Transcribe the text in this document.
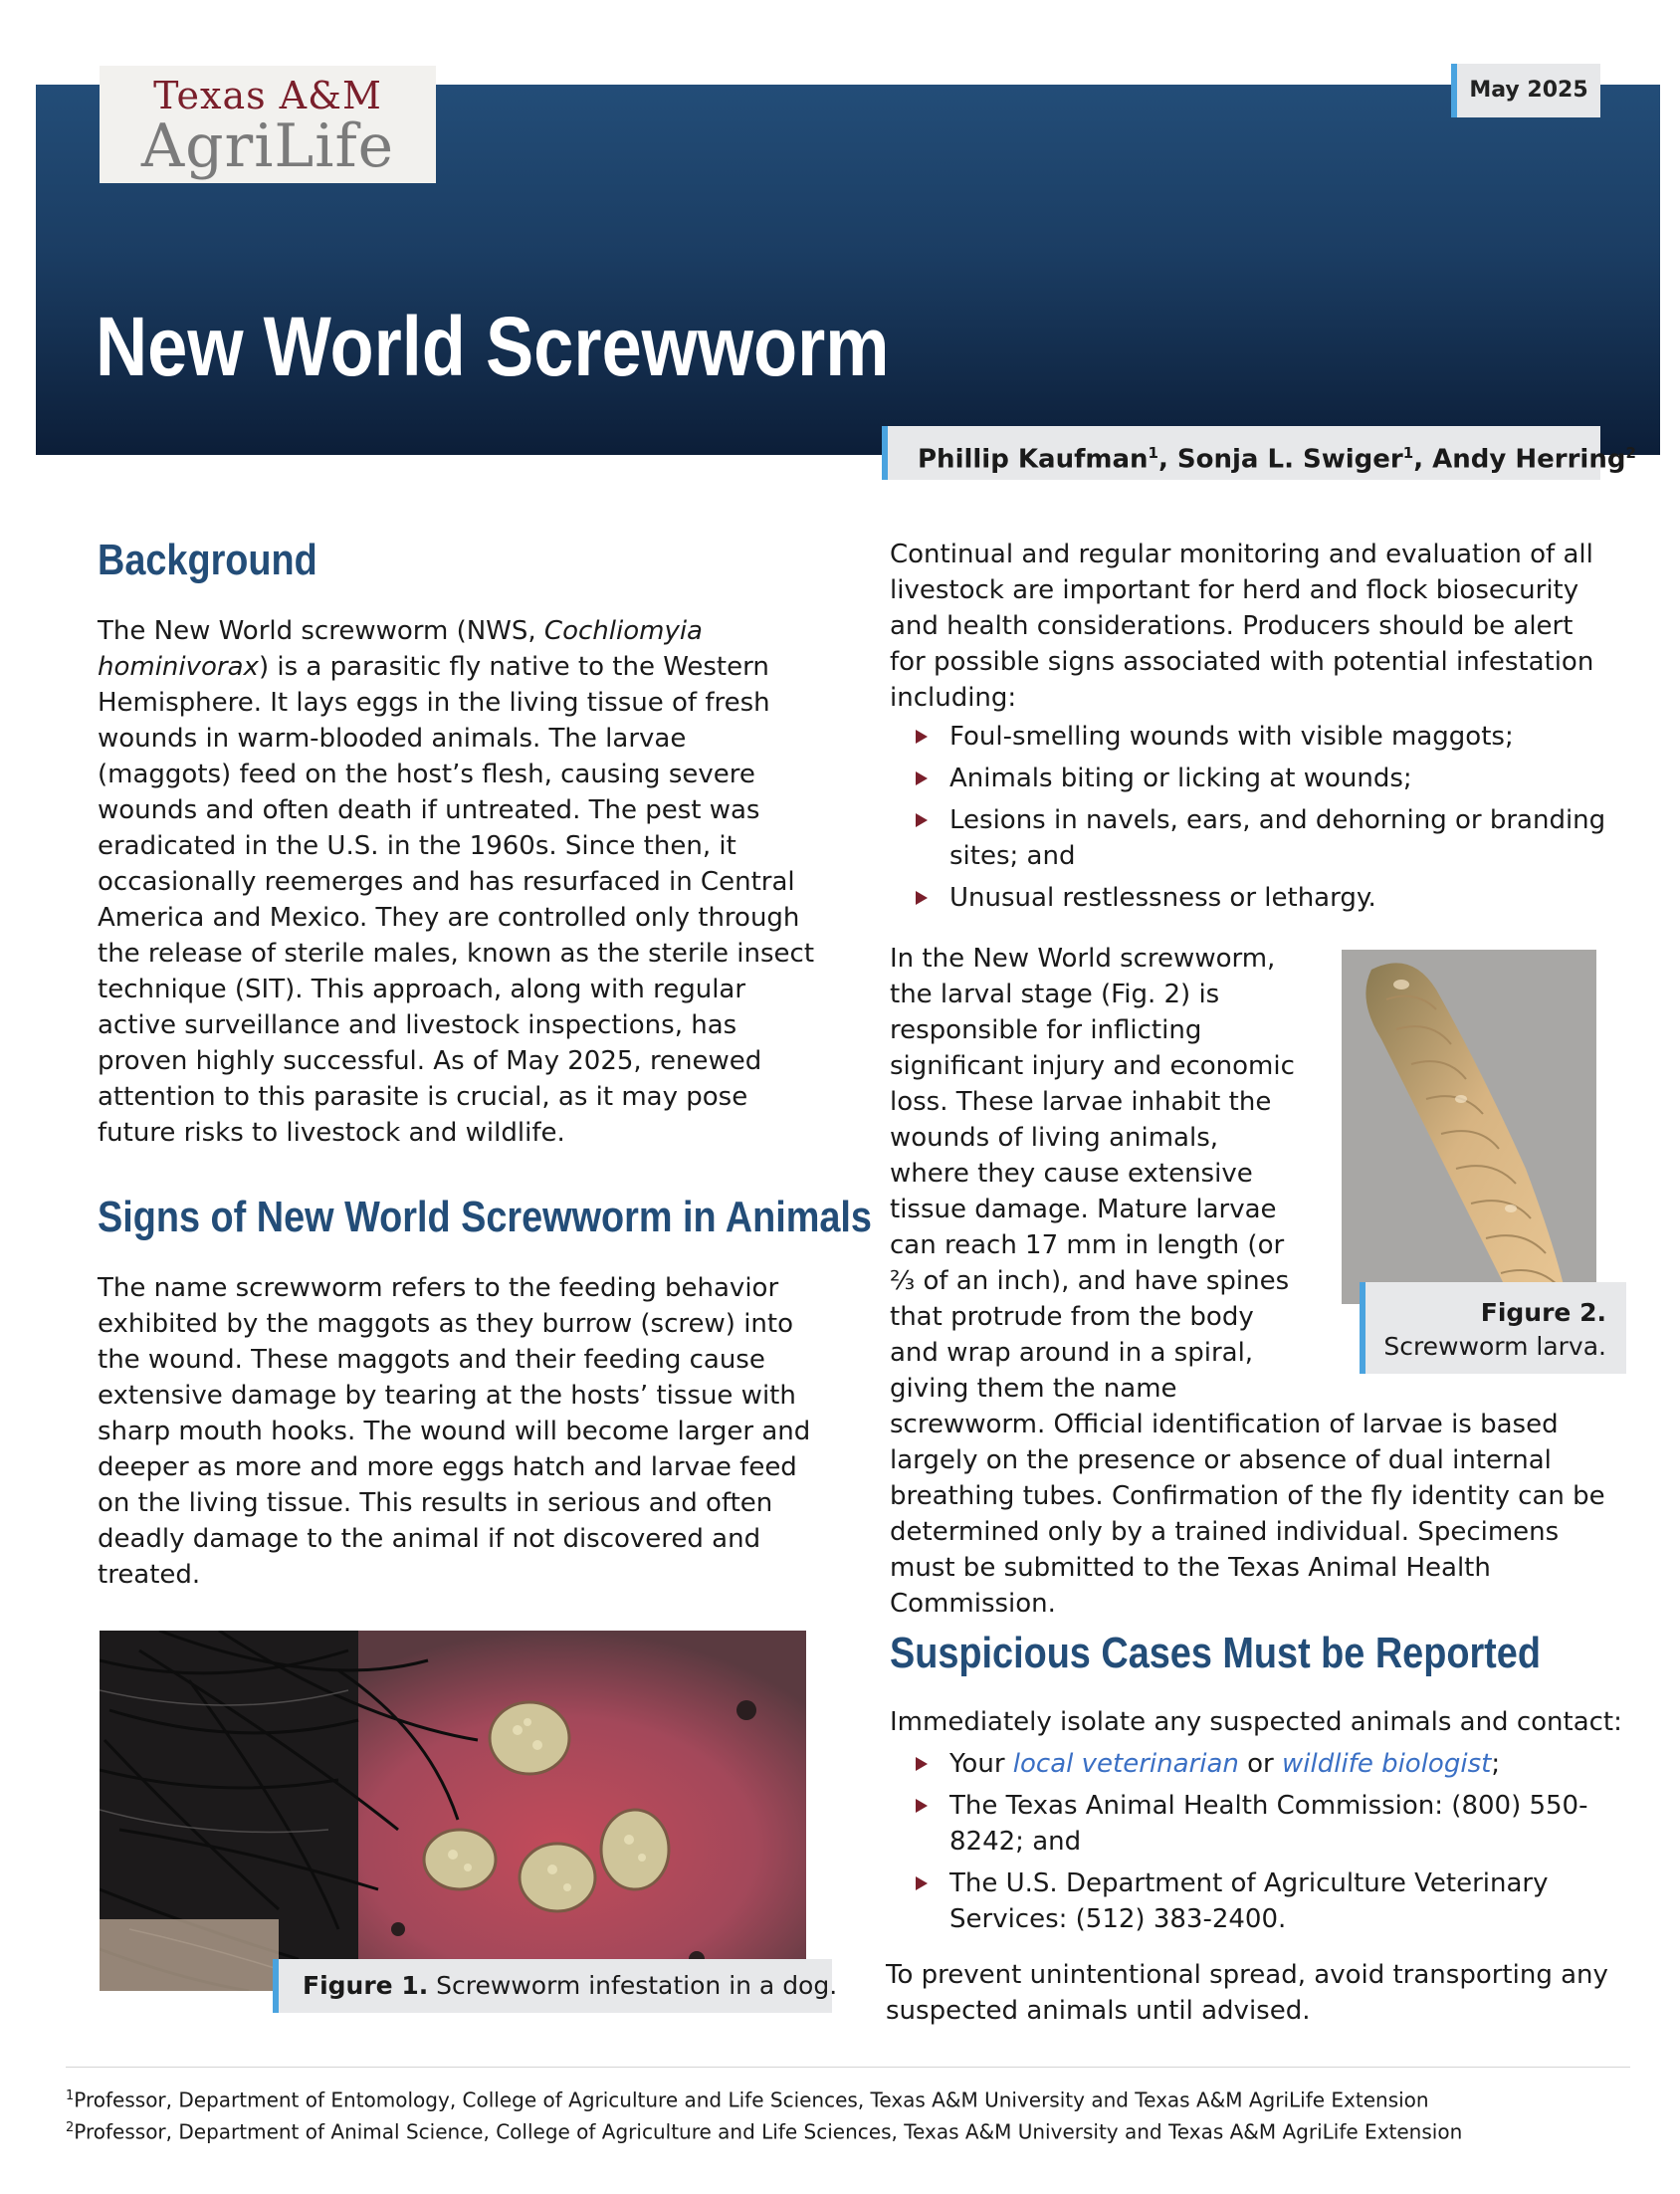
Texas A&M
AgriLife
May 2025
New World Screwworm
Phillip Kaufman$^1$, Sonja L. Swiger$^1$, Andy Herring$^2$
Background

The New World screwworm (NWS, Cochliomyia hominivorax) is a parasitic fly native to the Western Hemisphere. It lays eggs in the living tissue of fresh wounds in warm-blooded animals. The larvae (maggots) feed on the host’s flesh, causing severe wounds and often death if untreated. The pest was eradicated in the U.S. in the 1960s. Since then, it occasionally reemerges and has resurfaced in Central America and Mexico. They are controlled only through the release of sterile males, known as the sterile insect technique (SIT). This approach, along with regular active surveillance and livestock inspections, has proven highly successful. As of May 2025, renewed attention to this parasite is crucial, as it may pose future risks to livestock and wildlife.

Signs of New World Screwworm in Animals

The name screwworm refers to the feeding behavior exhibited by the maggots as they burrow (screw) into the wound. These maggots and their feeding cause extensive damage by tearing at the hosts’ tissue with sharp mouth hooks. The wound will become larger and deeper as more and more eggs hatch and larvae feed on the living tissue. This results in serious and often deadly damage to the animal if not discovered and treated.

Figure 1. Screwworm infestation in a dog.

Continual and regular monitoring and evaluation of all livestock are important for herd and flock biosecurity and health considerations. Producers should be alert for possible signs associated with potential infestation including:

Foul-smelling wounds with visible maggots;
Animals biting or licking at wounds;
Lesions in navels, ears, and dehorning or branding sites; and
Unusual restlessness or lethargy.

In the New World screwworm, the larval stage (Fig. 2) is responsible for inflicting significant injury and economic loss. These larvae inhabit the wounds of living animals, where they cause extensive tissue damage. Mature larvae can reach 17 mm in length (or ⅔ of an inch), and have spines that protrude from the body and wrap around in a spiral, giving them the name

screwworm. Official identification of larvae is based largely on the presence or absence of dual internal breathing tubes. Confirmation of the fly identity can be determined only by a trained individual. Specimens must be submitted to the Texas Animal Health Commission.

Figure 2.
Screwworm larva.
Suspicious Cases Must be Reported

Immediately isolate any suspected animals and contact:

Your local veterinarian or wildlife biologist;
The Texas Animal Health Commission: (800) 550-8242; and
The U.S. Department of Agriculture Veterinary Services: (512) 383-2400.

To prevent unintentional spread, avoid transporting any suspected animals until advised.

$^1$Professor, Department of Entomology, College of Agriculture and Life Sciences, Texas A&M University and Texas A&M AgriLife Extension
$^2$Professor, Department of Animal Science, College of Agriculture and Life Sciences, Texas A&M University and Texas A&M AgriLife Extension
